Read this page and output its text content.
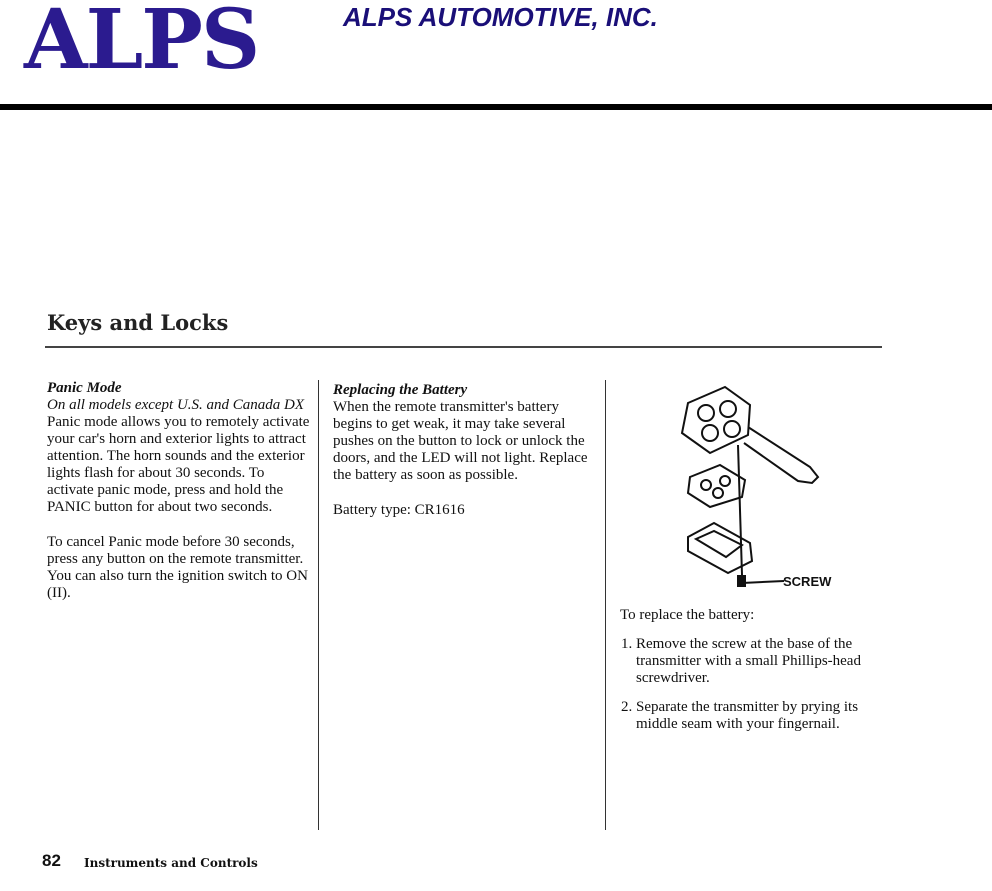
ALPS	ALPS AUTOMOTIVE, INC.
Keys and Locks

Panic Mode

On all models except U.S. and Canada DX

Panic mode allows you to remotely activate your car's horn and exterior lights to attract attention. The horn sounds and the exterior lights flash for about 30 seconds. To activate panic mode, press and hold the PANIC button for about two seconds.

To cancel Panic mode before 30 seconds, press any button on the remote transmitter. You can also turn the ignition switch to ON (II).

Replacing the Battery

When the remote transmitter's battery begins to get weak, it may take several pushes on the button to lock or unlock the doors, and the LED will not light. Replace the battery as soon as possible.

Battery type: CR1616

SCREW

To replace the battery:

1. Remove the screw at the base of the transmitter with a small Phillips-head screwdriver.
2. Separate the transmitter by prying its middle seam with your fingernail.
82 Instruments and Controls
